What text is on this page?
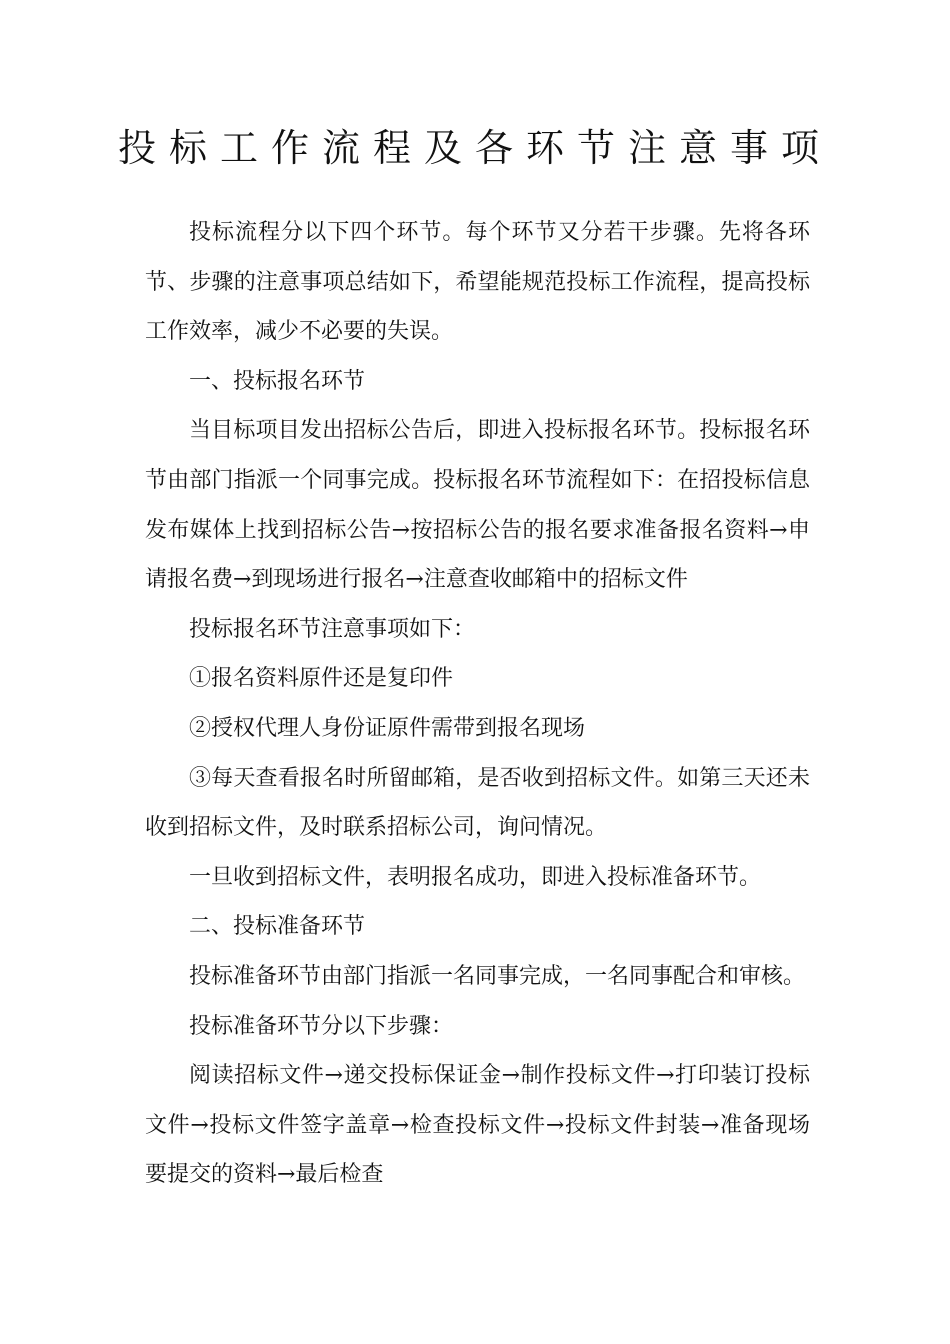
投标工作流程及各环节注意事项

投标流程分以下四个环节。每个环节又分若干步骤。先将各环节、步骤的注意事项总结如下，希望能规范投标工作流程，提高投标工作效率，减少不必要的失误。

一、投标报名环节

当目标项目发出招标公告后，即进入投标报名环节。投标报名环节由部门指派一个同事完成。投标报名环节流程如下：在招投标信息发布媒体上找到招标公告→按招标公告的报名要求准备报名资料→申请报名费→到现场进行报名→注意查收邮箱中的招标文件

投标报名环节注意事项如下：

①报名资料原件还是复印件

②授权代理人身份证原件需带到报名现场

③每天查看报名时所留邮箱，是否收到招标文件。如第三天还未收到招标文件，及时联系招标公司，询问情况。

一旦收到招标文件，表明报名成功，即进入投标准备环节。

二、投标准备环节

投标准备环节由部门指派一名同事完成，一名同事配合和审核。

投标准备环节分以下步骤：

阅读招标文件→递交投标保证金→制作投标文件→打印装订投标文件→投标文件签字盖章→检查投标文件→投标文件封装→准备现场要提交的资料→最后检查
